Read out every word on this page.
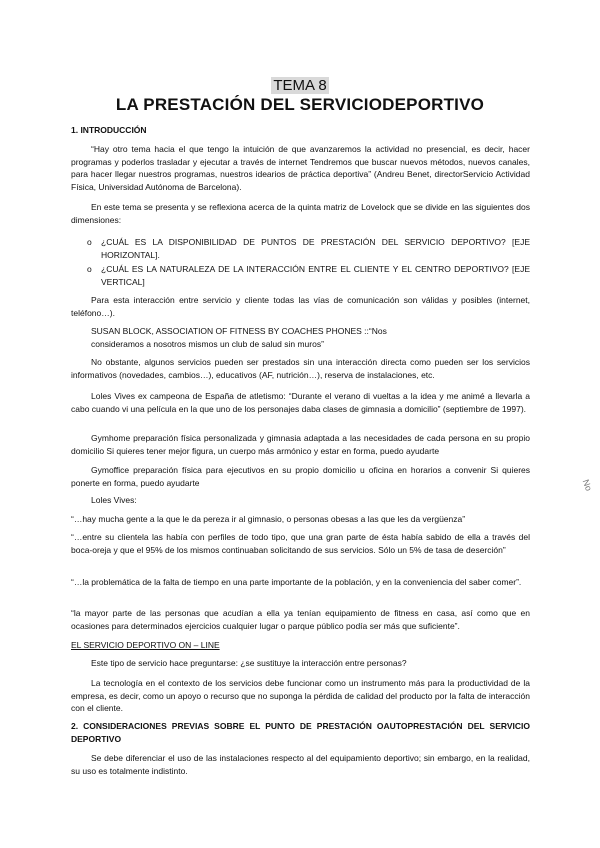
TEMA 8
LA PRESTACIÓN DEL SERVICIODEPORTIVO
1. INTRODUCCIÓN
“Hay otro tema hacia el que tengo la intuición de que avanzaremos la actividad no presencial, es decir, hacer programas y poderlos trasladar y ejecutar a través de internet Tendremos que buscar nuevos métodos, nuevos canales, para hacer llegar nuestros programas, nuestros idearios de práctica deportiva” (Andreu Benet, directorServicio Actividad Física, Universidad Autónoma de Barcelona).
En este tema se presenta y se reflexiona acerca de la quinta matriz de Lovelock que se divide en las siguientes dos dimensiones:
o ¿CUÁL ES LA DISPONIBILIDAD DE PUNTOS DE PRESTACIÓN DEL SERVICIO DEPORTIVO? [EJE HORIZONTAL].
o ¿CUÁL ES LA NATURALEZA DE LA INTERACCIÓN ENTRE EL CLIENTE Y EL CENTRO DEPORTIVO? [EJE VERTICAL]
Para esta interacción entre servicio y cliente todas las vías de comunicación son válidas y posibles (internet, teléfono…).
SUSAN BLOCK, ASSOCIATION OF FITNESS BY COACHES PHONES ::“Nos consideramos a nosotros mismos un club de salud sin muros”
No obstante, algunos servicios pueden ser prestados sin una interacción directa como pueden ser los servicios informativos (novedades, cambios…), educativos (AF, nutrición…), reserva de instalaciones, etc.
Loles Vives ex campeona de España de atletismo: “Durante el verano di vueltas a la idea y me animé a llevarla a cabo cuando vi una película en la que uno de los personajes daba clases de gimnasia a domicilio” (septiembre de 1997).
Gymhome preparación física personalizada y gimnasia adaptada a las necesidades de cada persona en su propio domicilio Si quieres tener mejor figura, un cuerpo más armónico y estar en forma, puedo ayudarte
Gymoffice preparación física para ejecutivos en su propio domicilio u oficina en horarios a convenir Si quieres ponerte en forma, puedo ayudarte
Loles Vives:
“…hay mucha gente a la que le da pereza ir al gimnasio, o personas obesas a las que les da vergüenza”
“…entre su clientela las había con perfiles de todo tipo, que una gran parte de ésta había sabido de ella a través del boca-oreja y que el 95% de los mismos continuaban solicitando de sus servicios. Sólo un 5% de tasa de deserción”
“…la problemática de la falta de tiempo en una parte importante de la población, y en la conveniencia del saber comer”.
“la mayor parte de las personas que acudían a ella ya tenían equipamiento de fitness en casa, así como que en ocasiones para determinados ejercicios cualquier lugar o parque público podía ser más que suficiente”.
EL SERVICIO DEPORTIVO ON – LINE
Este tipo de servicio hace preguntarse: ¿se sustituye la interacción entre personas?
La tecnología en el contexto de los servicios debe funcionar como un instrumento más para la productividad de la empresa, es decir, como un apoyo o recurso que no suponga la pérdida de calidad del producto por la falta de interacción con el cliente.
2. CONSIDERACIONES PREVIAS SOBRE EL PUNTO DE PRESTACIÓN OAUTOPRESTACIÓN DEL SERVICIO DEPORTIVO
Se debe diferenciar el uso de las instalaciones respecto al del equipamiento deportivo; sin embargo, en la realidad, su uso es totalmente indistinto.
No
